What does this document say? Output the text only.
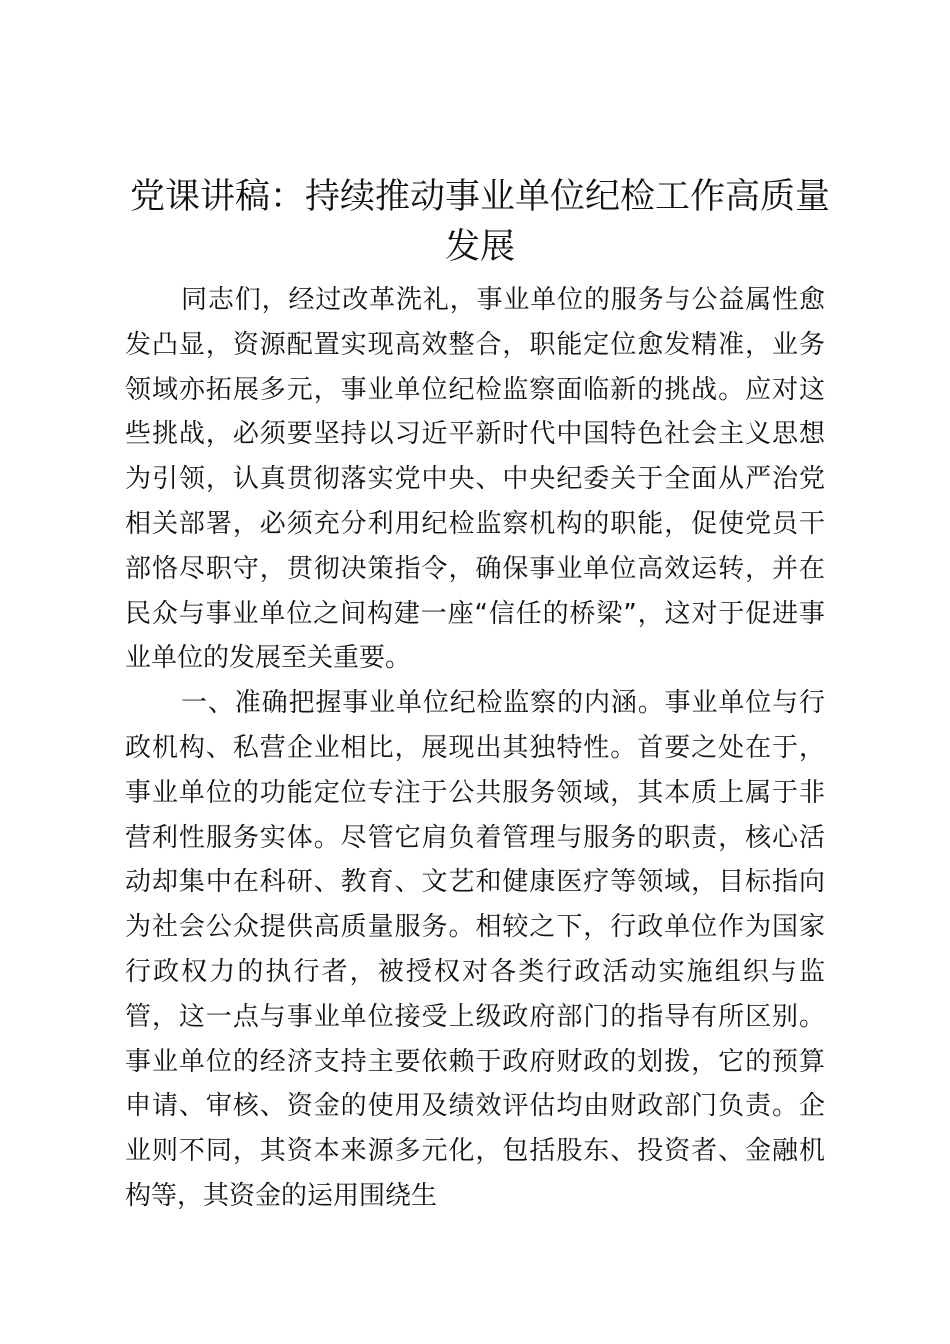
党课讲稿：持续推动事业单位纪检工作高质量发展

同志们，经过改革洗礼，事业单位的服务与公益属性愈发凸显，资源配置实现高效整合，职能定位愈发精准，业务领域亦拓展多元，事业单位纪检监察面临新的挑战。应对这些挑战，必须要坚持以习近平新时代中国特色社会主义思想为引领，认真贯彻落实党中央、中央纪委关于全面从严治党相关部署，必须充分利用纪检监察机构的职能，促使党员干部恪尽职守，贯彻决策指令，确保事业单位高效运转，并在民众与事业单位之间构建一座“信任的桥梁”，这对于促进事业单位的发展至关重要。

一、准确把握事业单位纪检监察的内涵。事业单位与行政机构、私营企业相比，展现出其独特性。首要之处在于，事业单位的功能定位专注于公共服务领域，其本质上属于非营利性服务实体。尽管它肩负着管理与服务的职责，核心活动却集中在科研、教育、文艺和健康医疗等领域，目标指向为社会公众提供高质量服务。相较之下，行政单位作为国家行政权力的执行者，被授权对各类行政活动实施组织与监管，这一点与事业单位接受上级政府部门的指导有所区别。事业单位的经济支持主要依赖于政府财政的划拨，它的预算申请、审核、资金的使用及绩效评估均由财政部门负责。企业则不同，其资本来源多元化，包括股东、投资者、金融机构等，其资金的运用围绕生
